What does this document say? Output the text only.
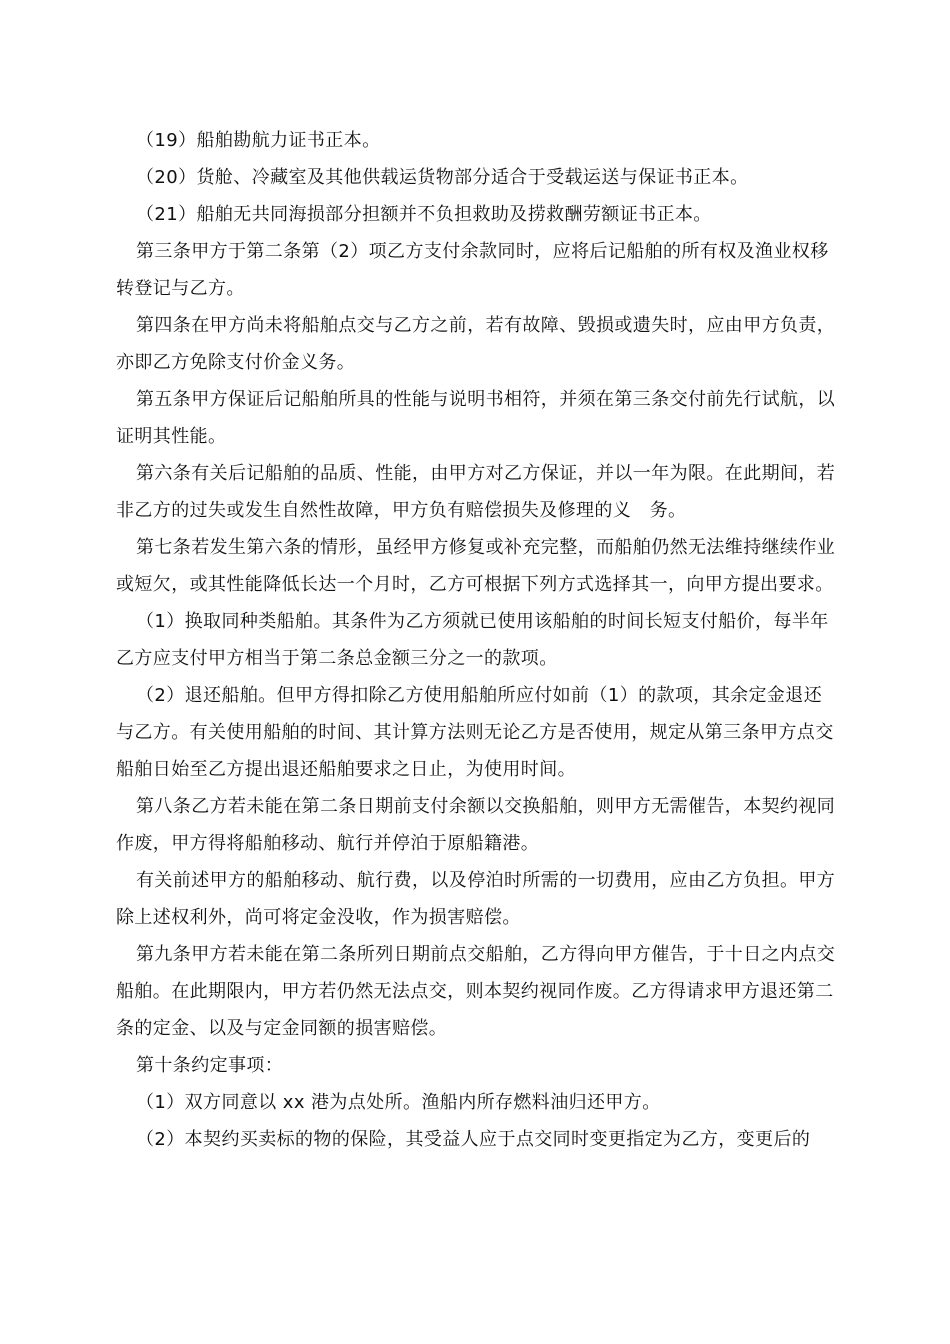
（19）船舶勘航力证书正本。

（20）货舱、冷藏室及其他供载运货物部分适合于受载运送与保证书正本。

（21）船舶无共同海损部分担额并不负担救助及捞救酬劳额证书正本。

第三条甲方于第二条第（2）项乙方支付余款同时，应将后记船舶的所有权及渔业权移转登记与乙方。

第四条在甲方尚未将船舶点交与乙方之前，若有故障、毁损或遗失时，应由甲方负责，亦即乙方免除支付价金义务。

第五条甲方保证后记船舶所具的性能与说明书相符，并须在第三条交付前先行试航，以证明其性能。

第六条有关后记船舶的品质、性能，由甲方对乙方保证，并以一年为限。在此期间，若非乙方的过失或发生自然性故障，甲方负有赔偿损失及修理的义　务。

第七条若发生第六条的情形，虽经甲方修复或补充完整，而船舶仍然无法维持继续作业或短欠，或其性能降低长达一个月时，乙方可根据下列方式选择其一，向甲方提出要求。

（1）换取同种类船舶。其条件为乙方须就已使用该船舶的时间长短支付船价，每半年乙方应支付甲方相当于第二条总金额三分之一的款项。

（2）退还船舶。但甲方得扣除乙方使用船舶所应付如前（1）的款项，其余定金退还与乙方。有关使用船舶的时间、其计算方法则无论乙方是否使用，规定从第三条甲方点交船舶日始至乙方提出退还船舶要求之日止，为使用时间。

第八条乙方若未能在第二条日期前支付余额以交换船舶，则甲方无需催告，本契约视同作废，甲方得将船舶移动、航行并停泊于原船籍港。

有关前述甲方的船舶移动、航行费，以及停泊时所需的一切费用，应由乙方负担。甲方除上述权利外，尚可将定金没收，作为损害赔偿。

第九条甲方若未能在第二条所列日期前点交船舶，乙方得向甲方催告，于十日之内点交船舶。在此期限内，甲方若仍然无法点交，则本契约视同作废。乙方得请求甲方退还第二条的定金、以及与定金同额的损害赔偿。

第十条约定事项：

（1）双方同意以 xx 港为点处所。渔船内所存燃料油归还甲方。

（2）本契约买卖标的物的保险，其受益人应于点交同时变更指定为乙方，变更后的
